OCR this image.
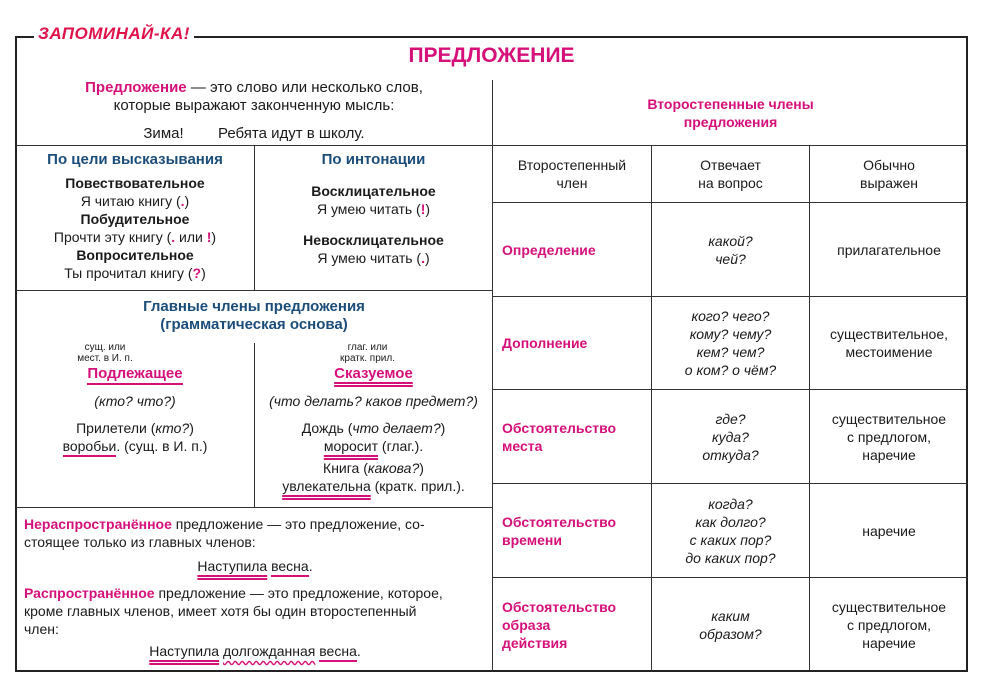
ЗАПОМИНАЙ-КА!
ПРЕДЛОЖЕНИЕ
Предложение — это слово или несколько слов,
которые выражают законченную мысль:
Зима! Ребята идут в школу.
По цели высказывания
Повествовательное
Я читаю книгу (.)
Побудительное
Прочти эту книгу (. или !)
Вопросительное
Ты прочитал книгу (?)
По интонации
Восклицательное
Я умею читать (!)
Невосклицательное
Я умею читать (.)
Главные члены предложения
(грамматическая основа)
сущ. или
мест. в И. п.
Подлежащее
(кто? что?)
Прилетели (кто?)
воробьи. (сущ. в И. п.)
глаг. или
кратк. прил.
Сказуемое
(что делать? каков предмет?)
Дождь (что делает?)
моросит (глаг.).
Книга (какова?)
увлекательна (кратк. прил.).
Нераспространённое предложение — это предложение, со-
стоящее только из главных членов:
Наступила весна.
Распространённое предложение — это предложение, которое,
кроме главных членов, имеет хотя бы один второстепенный
член:
Наступила долгожданная весна.
Второстепенные члены
предложения
Второстепенный
член
Отвечает
на вопрос
Обычно
выражен
Определение
какой?
чей?
прилагательное
Дополнение
кого? чего?
кому? чему?
кем? чем?
о ком? о чём?
существительное,
местоимение
Обстоятельство
места
где?
куда?
откуда?
существительное
с предлогом,
наречие
Обстоятельство
времени
когда?
как долго?
с каких пор?
до каких пор?
наречие
Обстоятельство
образа
действия
каким
образом?
существительное
с предлогом,
наречие
